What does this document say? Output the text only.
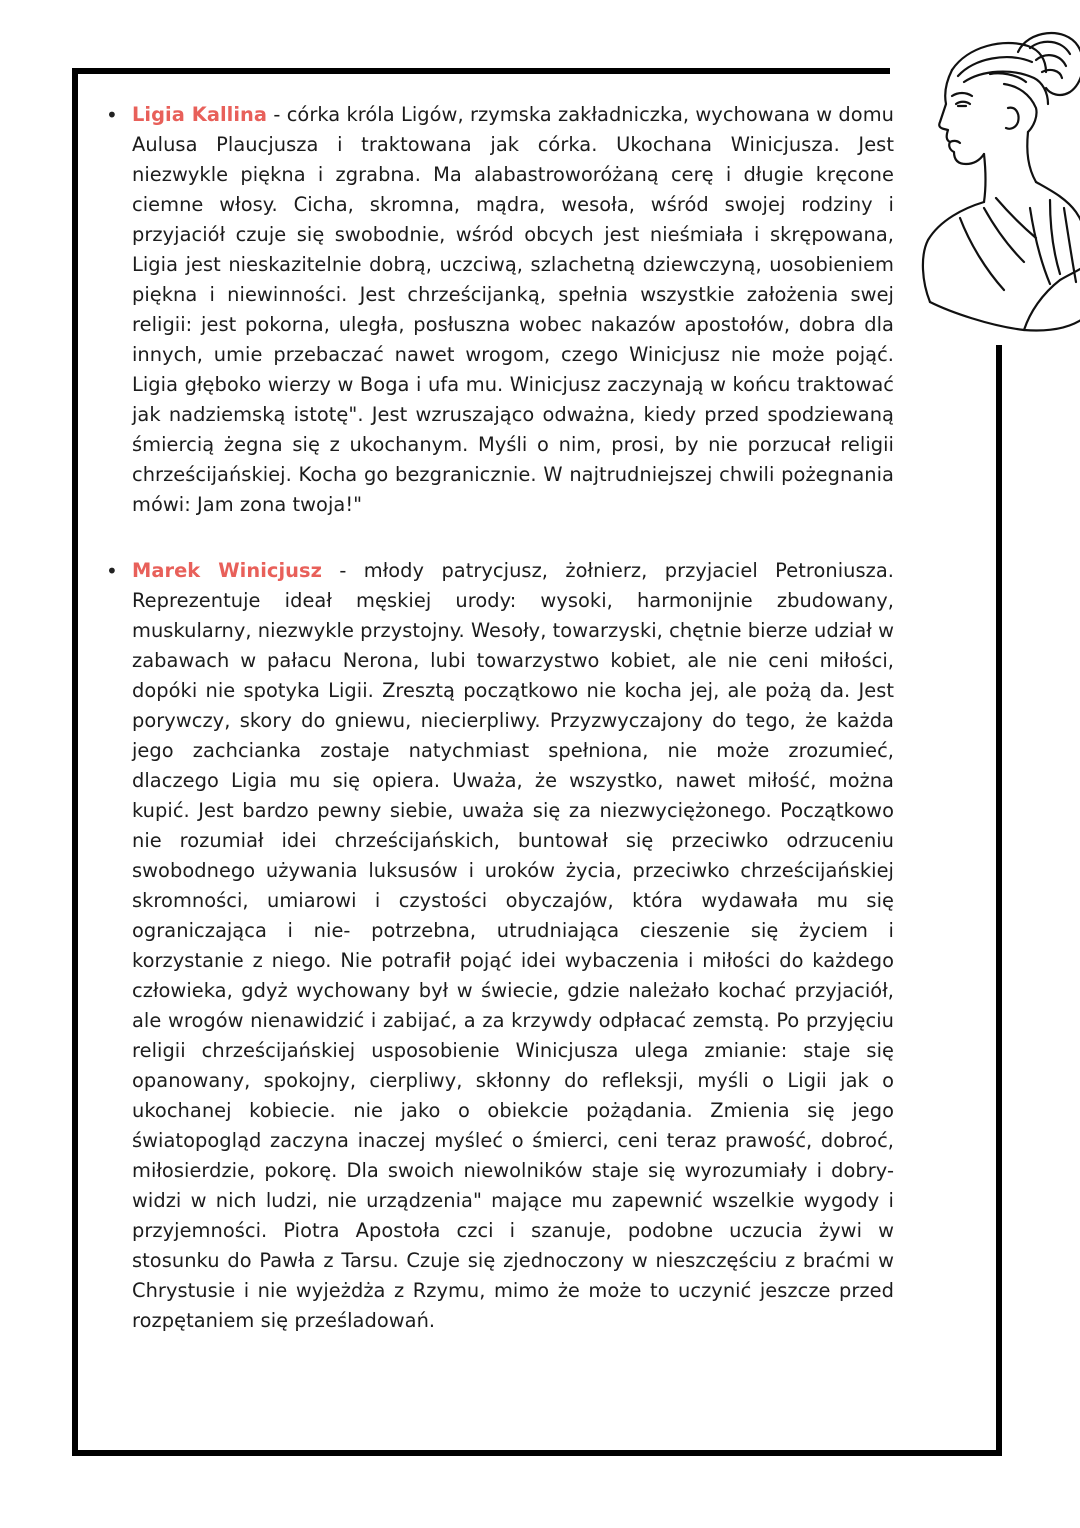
• Ligia Kallina - córka króla Ligów, rzymska zakładniczka, wychowana w domu Aulusa Plaucjusza i traktowana jak córka. Ukochana Winicjusza. Jest niezwykle piękna i zgrabna. Ma alabastroworóżaną cerę i długie kręcone ciemne włosy. Cicha, skromna, mądra, wesoła, wśród swojej rodziny i przyjaciół czuje się swobodnie, wśród obcych jest nieśmiała i skrępowana, Ligia jest nieskazitelnie dobrą, uczciwą, szlachetną dziewczyną, uosobieniem piękna i niewinności. Jest chrześcijanką, spełnia wszystkie założenia swej religii: jest pokorna, uległa, posłuszna wobec nakazów apostołów, dobra dla innych, umie przebaczać nawet wrogom, czego Winicjusz nie może pojąć. Ligia głęboko wierzy w Boga i ufa mu. Winicjusz zaczynają w końcu traktować jak nadziemską istotę". Jest wzruszająco odważna, kiedy przed spodziewaną śmiercią żegna się z ukochanym. Myśli o nim, prosi, by nie porzucał religii chrześcijańskiej. Kocha go bezgranicznie. W najtrudniejszej chwili pożegnania mówi: Jam zona twoja!"
• Marek Winicjusz - młody patrycjusz, żołnierz, przyjaciel Petroniusza. Reprezentuje ideał męskiej urody: wysoki, harmonijnie zbudowany, muskularny, niezwykle przystojny. Wesoły, towarzyski, chętnie bierze udział w zabawach w pałacu Nerona, lubi towarzystwo kobiet, ale nie ceni miłości, dopóki nie spotyka Ligii. Zresztą początkowo nie kocha jej, ale pożą da. Jest porywczy, skory do gniewu, niecierpliwy. Przyzwyczajony do tego, że każda jego zachcianka zostaje natychmiast spełniona, nie może zrozumieć, dlaczego Ligia mu się opiera. Uważa, że wszystko, nawet miłość, można kupić. Jest bardzo pewny siebie, uważa się za niezwyciężonego. Początkowo nie rozumiał idei chrześcijańskich, buntował się przeciwko odrzuceniu swobodnego używania luksusów i uroków życia, przeciwko chrześcijańskiej skromności, umiarowi i czystości obyczajów, która wydawała mu się ograniczająca i nie- potrzebna, utrudniająca cieszenie się życiem i korzystanie z niego. Nie potrafił pojąć idei wybaczenia i miłości do każdego człowieka, gdyż wychowany był w świecie, gdzie należało kochać przyjaciół, ale wrogów nienawidzić i zabijać, a za krzywdy odpłacać zemstą. Po przyjęciu religii chrześcijańskiej usposobienie Winicjusza ulega zmianie: staje się opanowany, spokojny, cierpliwy, skłonny do refleksji, myśli o Ligii jak o ukochanej kobiecie. nie jako o obiekcie pożądania. Zmienia się jego światopogląd zaczyna inaczej myśleć o śmierci, ceni teraz prawość, dobroć, miłosierdzie, pokorę. Dla swoich niewolników staje się wyrozumiały i dobry-widzi w nich ludzi, nie urządzenia" mające mu zapewnić wszelkie wygody i przyjemności. Piotra Apostoła czci i szanuje, podobne uczucia żywi w stosunku do Pawła z Tarsu. Czuje się zjednoczony w nieszczęściu z braćmi w Chrystusie i nie wyjeżdża z Rzymu, mimo że może to uczynić jeszcze przed rozpętaniem się prześladowań.
